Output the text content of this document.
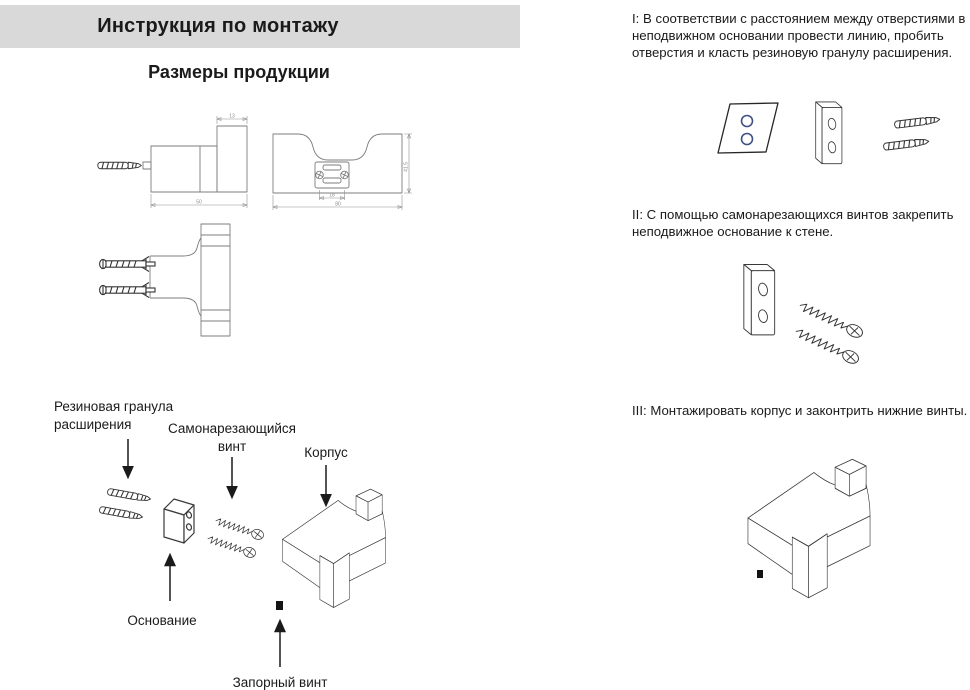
Инструкция по монтажу
Размеры продукции
13
50
41.5
18
80
Резиновая гранула
расширения	Самонарезающийся
винт	Корпус
Основание
Запорный винт

I: В соответствии с расстоянием между отверстиями в неподвижном основании провести линию, пробить отверстия и класть резиновую гранулу расширения.

II: С помощью самонарезающихся винтов закрепить неподвижное основание к стене.

III: Монтажировать корпус и законтрить нижние винты.
